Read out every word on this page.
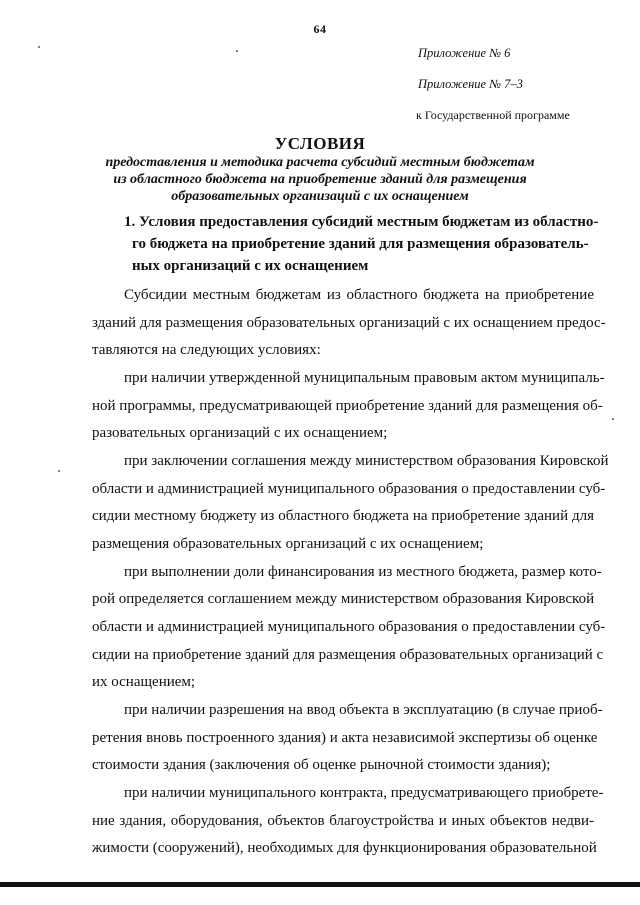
64
Приложение № 6
Приложение № 7–3
к Государственной программе
УСЛОВИЯ
предоставления и методика расчета субсидий местным бюджетам
из областного бюджета на приобретение зданий для размещения
образовательных организаций с их оснащением
1. Условия предоставления субсидий местным бюджетам из областно-
го бюджета на приобретение зданий для размещения образователь-
ных организаций с их оснащением
Субсидии местным бюджетам из областного бюджета на приобретение
зданий для размещения образовательных организаций с их оснащением предос-
тавляются на следующих условиях:
при наличии утвержденной муниципальным правовым актом муниципаль-
ной программы, предусматривающей приобретение зданий для размещения об-
разовательных организаций с их оснащением;
при заключении соглашения между министерством образования Кировской
области и администрацией муниципального образования о предоставлении суб-
сидии местному бюджету из областного бюджета на приобретение зданий для
размещения образовательных организаций с их оснащением;
при выполнении доли финансирования из местного бюджета, размер кото-
рой определяется соглашением между министерством образования Кировской
области и администрацией муниципального образования о предоставлении суб-
сидии на приобретение зданий для размещения образовательных организаций с
их оснащением;
при наличии разрешения на ввод объекта в эксплуатацию (в случае приоб-
ретения вновь построенного здания) и акта независимой экспертизы об оценке
стоимости здания (заключения об оценке рыночной стоимости здания);
при наличии муниципального контракта, предусматривающего приобрете-
ние здания, оборудования, объектов благоустройства и иных объектов недви-
жимости (сооружений), необходимых для функционирования образовательной
